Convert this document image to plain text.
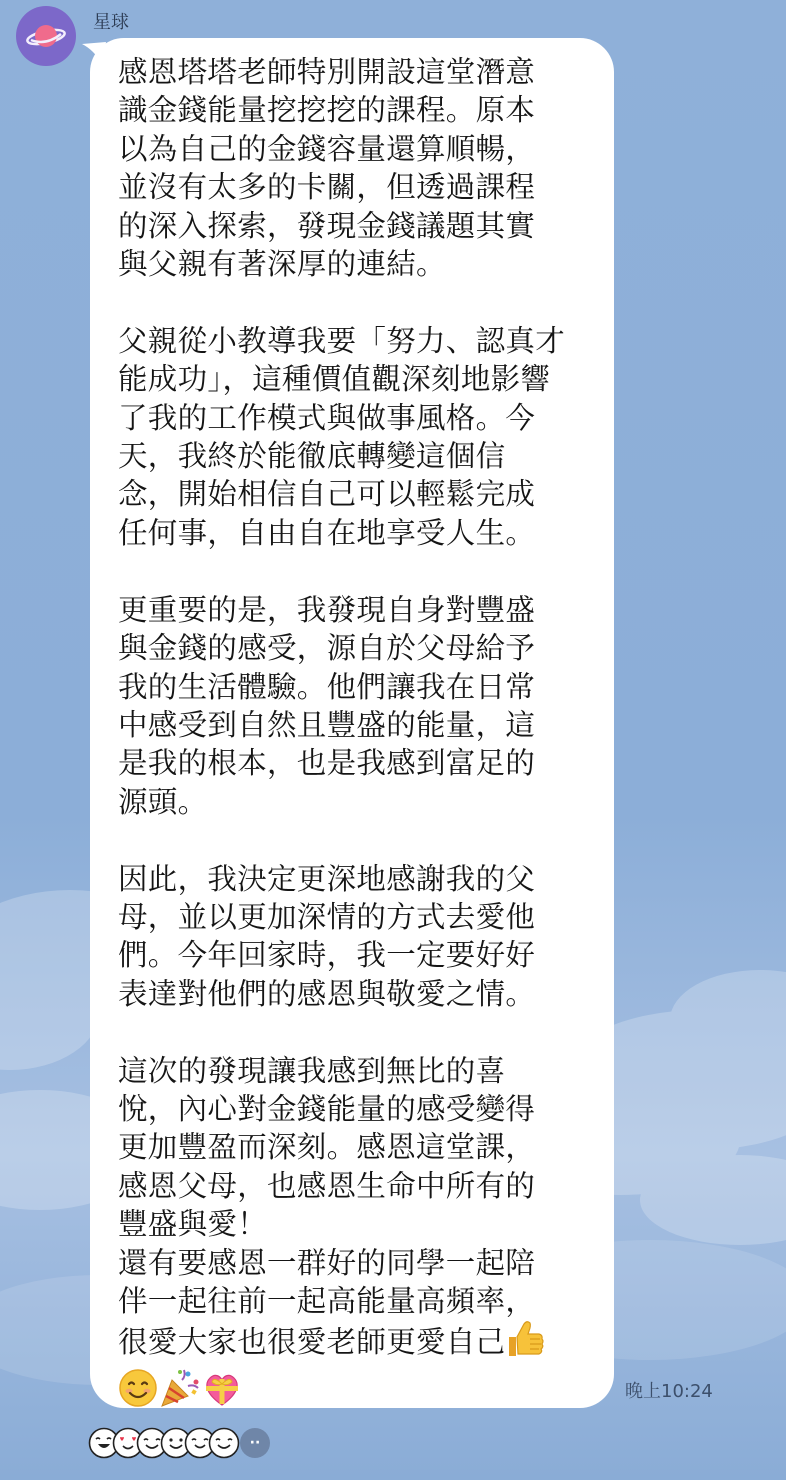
星球
感恩塔塔老師特別開設這堂潛意
識金錢能量挖挖挖的課程。原本
以為自己的金錢容量還算順暢，
並沒有太多的卡關，但透過課程
的深入探索，發現金錢議題其實
與父親有著深厚的連結。

父親從小教導我要「努力、認真才
能成功」，這種價值觀深刻地影響
了我的工作模式與做事風格。今
天，我終於能徹底轉變這個信
念，開始相信自己可以輕鬆完成
任何事，自由自在地享受人生。

更重要的是，我發現自身對豐盛
與金錢的感受，源自於父母給予
我的生活體驗。他們讓我在日常
中感受到自然且豐盛的能量，這
是我的根本，也是我感到富足的
源頭。

因此，我決定更深地感謝我的父
母，並以更加深情的方式去愛他
們。今年回家時，我一定要好好
表達對他們的感恩與敬愛之情。

這次的發現讓我感到無比的喜
悅，內心對金錢能量的感受變得
更加豐盈而深刻。感恩這堂課，
感恩父母，也感恩生命中所有的
豐盛與愛！
還有要感恩一群好的同學一起陪
伴一起往前一起高能量高頻率，
很愛大家也很愛老師更愛自己

晚上10:24
··
